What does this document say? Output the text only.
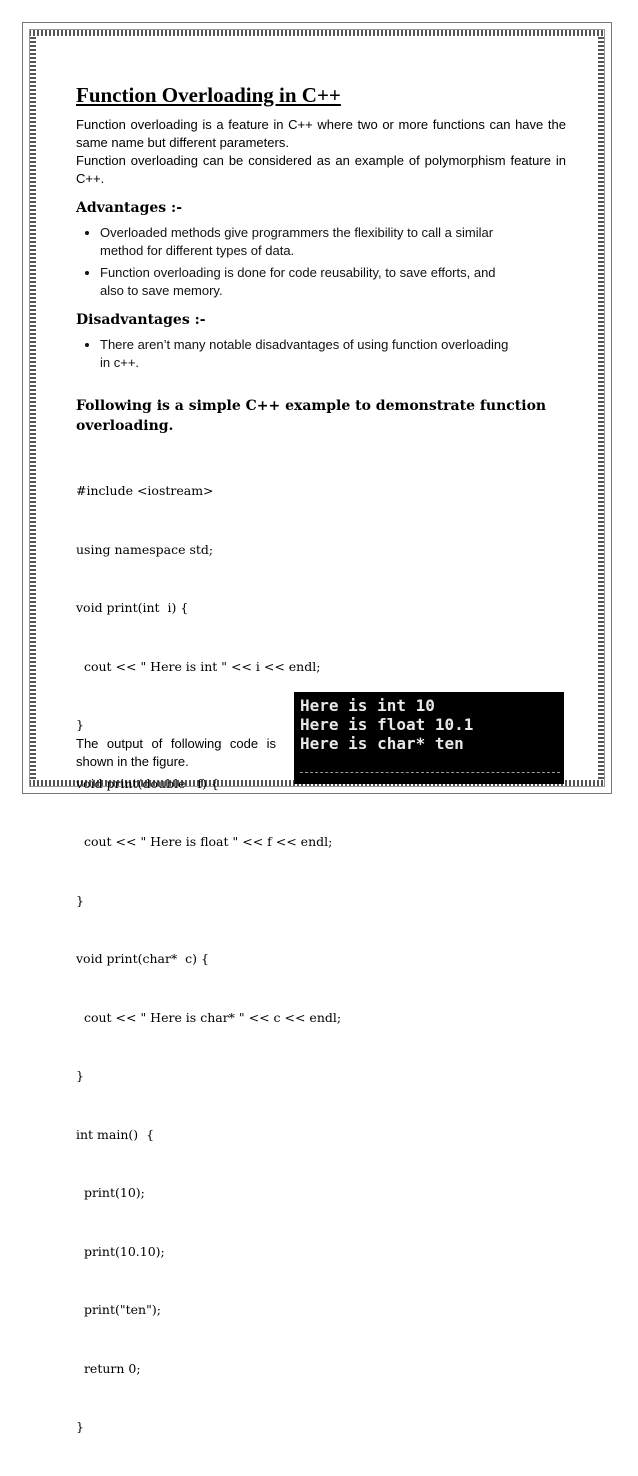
Function Overloading in C++

Function overloading is a feature in C++ where two or more functions can have the same name but different parameters.

Function overloading can be considered as an example of polymorphism feature in C++.

Advantages :-
• Overloaded methods give programmers the flexibility to call a similar method for different types of data.
• Function overloading is done for code reusability, to save efforts, and also to save memory.
Disadvantages :-
• There aren’t many notable disadvantages of using function overloading in c++.
Following is a simple C++ example to demonstrate function overloading.

#include <iostream>

using namespace std;

void print(int  i) {

cout << " Here is int " << i << endl;

}

void print(double   f) {

cout << " Here is float " << f << endl;

}

void print(char*  c) {

cout << " Here is char* " << c << endl;

}

int main()  {

print(10);

print(10.10);

print("ten");

return 0;

}

The output of following code is shown in the figure.
Here is int 10
Here is float 10.1
Here is char* ten
